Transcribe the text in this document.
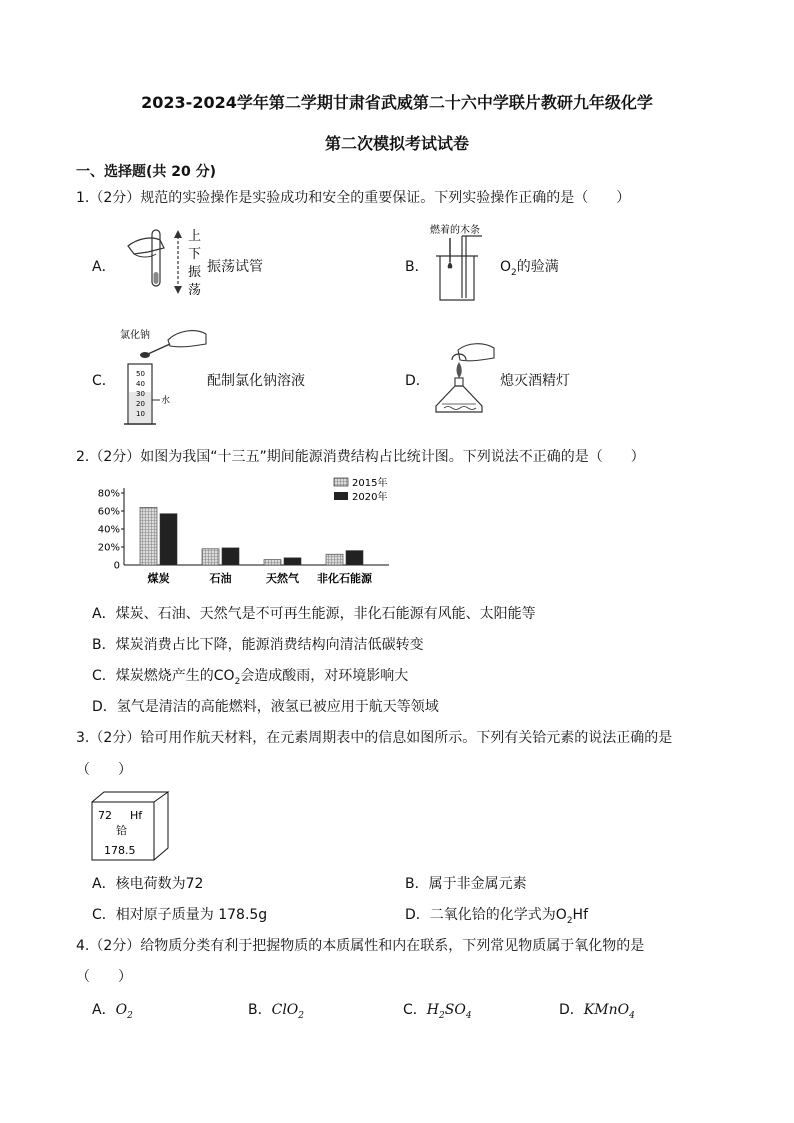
2023-2024学年第二学期甘肃省武威第二十六中学联片教研九年级化学
第二次模拟考试试卷
一、选择题(共 20 分)
1.（2分）规范的实验操作是实验成功和安全的重要保证。下列实验操作正确的是（　　）
A．
上
下
振
荡
振荡试管	B．
燃着的木条
$O_2$的验满
C．
氯化钠
50
40
30
20
10
水
配制氯化钠溶液	D．	熄灭酒精灯
2.（2分）如图为我国“十三五”期间能源消费结构占比统计图。下列说法不正确的是（　　）
0
20%
40%
60%
80%
煤炭	石油	天然气 非化石能源
2015年
2020年
A．煤炭、石油、天然气是不可再生能源，非化石能源有风能、太阳能等
B．煤炭消费占比下降，能源消费结构向清洁低碳转变
C．煤炭燃烧产生的$CO_2$会造成酸雨，对环境影响大
D．氢气是清洁的高能燃料，液氢已被应用于航天等领域
3.（2分）铪可用作航天材料，在元素周期表中的信息如图所示。下列有关铪元素的说法正确的是
（　　）
72 Hf
铪
178.5
A．核电荷数为72	B．属于非金属元素
C．相对原子质量为 178.5g	D．二氧化铪的化学式为$O_2Hf$
4.（2分）给物质分类有利于把握物质的本质属性和内在联系，下列常见物质属于氧化物的是
（　　）
A．$O_2$	B．ClO$_2$	C．$H_2SO_4$	D．KMnO$_4$
